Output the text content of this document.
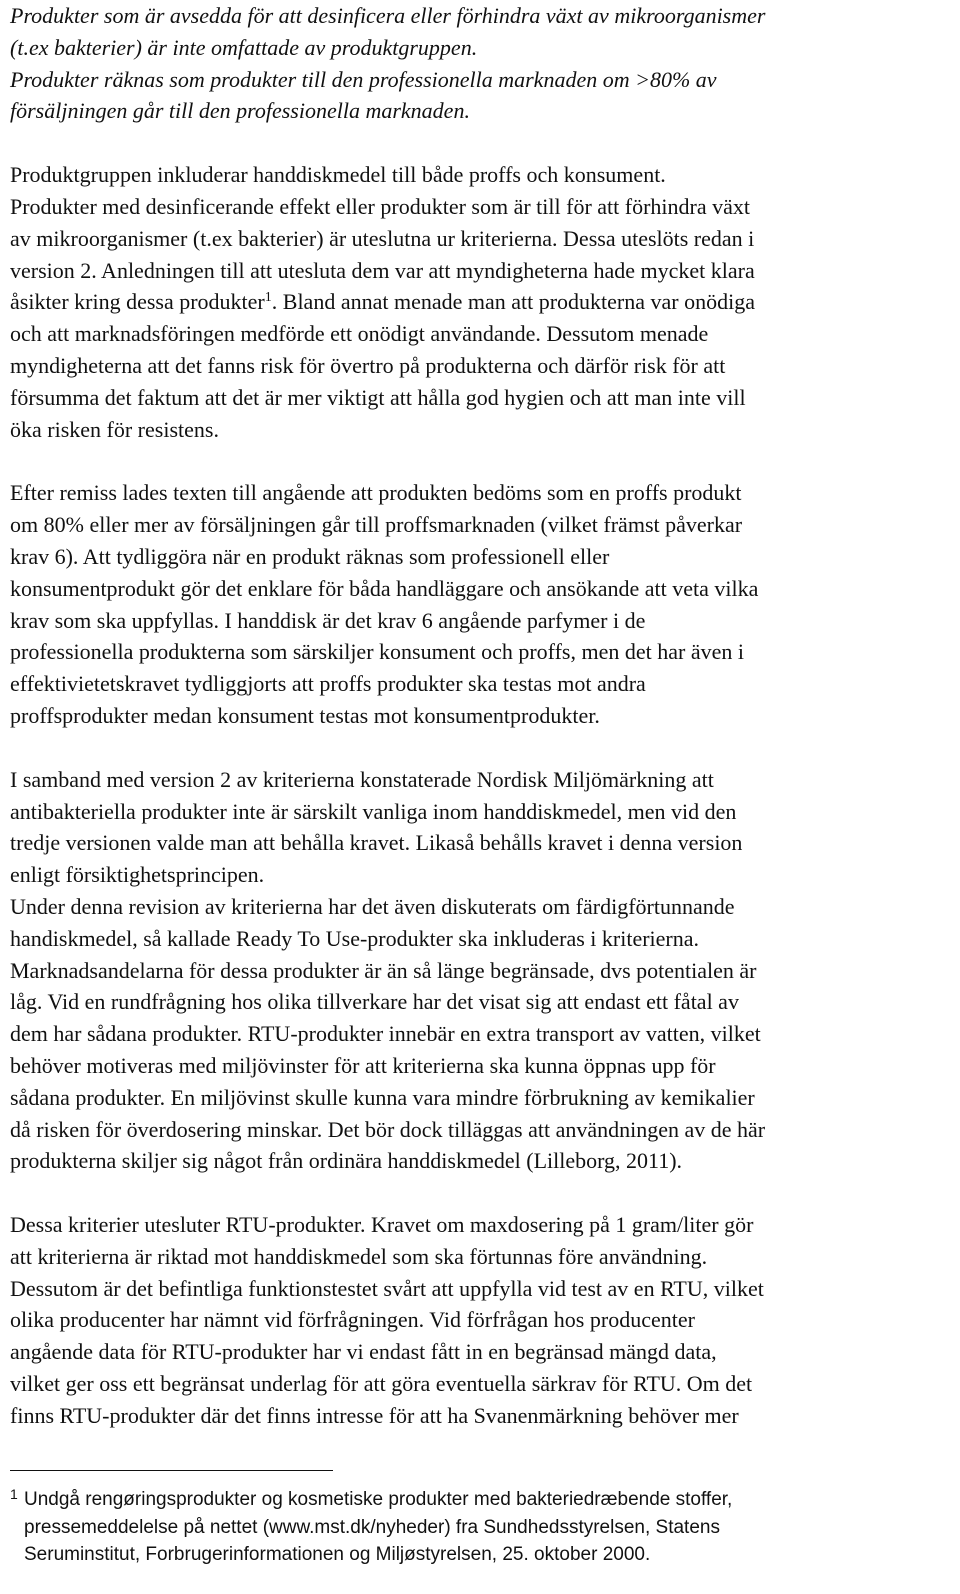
Produkter som är avsedda för att desinficera eller förhindra växt av mikroorganismer
(t.ex bakterier) är inte omfattade av produktgruppen.
Produkter räknas som produkter till den professionella marknaden om >80% av
försäljningen går till den professionella marknaden.
Produktgruppen inkluderar handdiskmedel till både proffs och konsument.
Produkter med desinficerande effekt eller produkter som är till för att förhindra växt
av mikroorganismer (t.ex bakterier) är uteslutna ur kriterierna. Dessa uteslöts redan i
version 2. Anledningen till att utesluta dem var att myndigheterna hade mycket klara
åsikter kring dessa produkter$^1$. Bland annat menade man att produkterna var onödiga
och att marknadsföringen medförde ett onödigt användande. Dessutom menade
myndigheterna att det fanns risk för övertro på produkterna och därför risk för att
försumma det faktum att det är mer viktigt att hålla god hygien och att man inte vill
öka risken för resistens.
Efter remiss lades texten till angående att produkten bedöms som en proffs produkt
om 80% eller mer av försäljningen går till proffsmarknaden (vilket främst påverkar
krav 6). Att tydliggöra när en produkt räknas som professionell eller
konsumentprodukt gör det enklare för båda handläggare och ansökande att veta vilka
krav som ska uppfyllas. I handdisk är det krav 6 angående parfymer i de
professionella produkterna som särskiljer konsument och proffs, men det har även i
effektivietetskravet tydliggjorts att proffs produkter ska testas mot andra
proffsprodukter medan konsument testas mot konsumentprodukter.
I samband med version 2 av kriterierna konstaterade Nordisk Miljömärkning att
antibakteriella produkter inte är särskilt vanliga inom handdiskmedel, men vid den
tredje versionen valde man att behålla kravet. Likaså behålls kravet i denna version
enligt försiktighetsprincipen.
Under denna revision av kriterierna har det även diskuterats om färdigförtunnande
handiskmedel, så kallade Ready To Use-produkter ska inkluderas i kriterierna.
Marknadsandelarna för dessa produkter är än så länge begränsade, dvs potentialen är
låg. Vid en rundfrågning hos olika tillverkare har det visat sig att endast ett fåtal av
dem har sådana produkter. RTU-produkter innebär en extra transport av vatten, vilket
behöver motiveras med miljövinster för att kriterierna ska kunna öppnas upp för
sådana produkter. En miljövinst skulle kunna vara mindre förbrukning av kemikalier
då risken för överdosering minskar. Det bör dock tilläggas att användningen av de här
produkterna skiljer sig något från ordinära handdiskmedel (Lilleborg, 2011).
Dessa kriterier utesluter RTU-produkter. Kravet om maxdosering på 1 gram/liter gör
att kriterierna är riktad mot handdiskmedel som ska förtunnas före användning.
Dessutom är det befintliga funktionstestet svårt att uppfylla vid test av en RTU, vilket
olika producenter har nämnt vid förfrågningen. Vid förfrågan hos producenter
angående data för RTU-produkter har vi endast fått in en begränsad mängd data,
vilket ger oss ett begränsat underlag för att göra eventuella särkrav för RTU. Om det
finns RTU-produkter där det finns intresse för att ha Svanenmärkning behöver mer
1 Undgå rengøringsprodukter og kosmetiske produkter med bakteriedræbende stoffer,
pressemeddelelse på nettet (www.mst.dk/nyheder) fra Sundhedsstyrelsen, Statens
Seruminstitut, Forbrugerinformationen og Miljøstyrelsen, 25. oktober 2000.
